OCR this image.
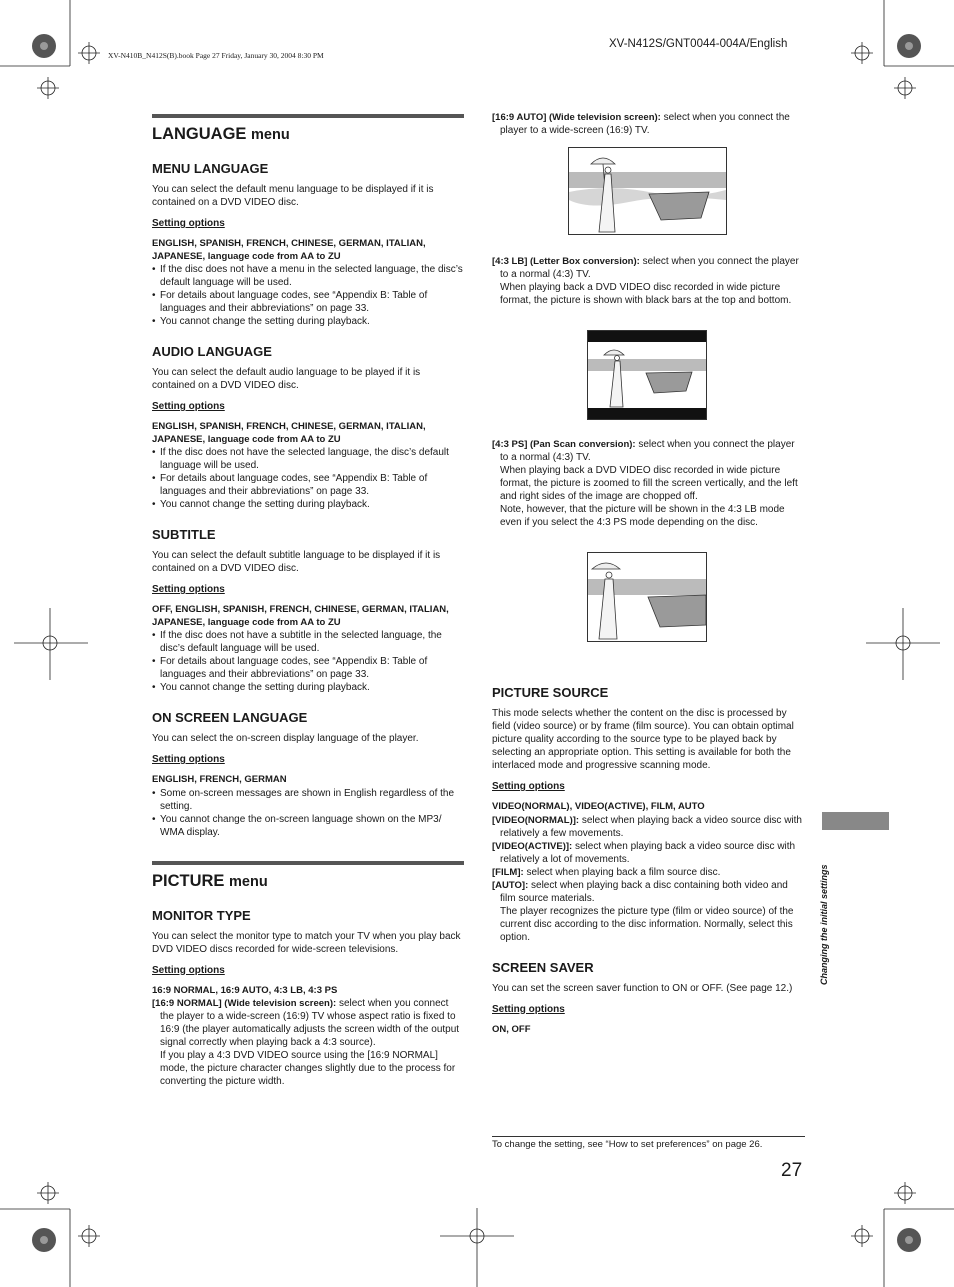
XV-N410B_N412S(B).book Page 27 Friday, January 30, 2004 8:30 PM
XV-N412S/GNT0044-004A/English
LANGUAGE menu
MENU LANGUAGE

You can select the default menu language to be displayed if it is contained on a DVD VIDEO disc.

Setting options
ENGLISH, SPANISH, FRENCH, CHINESE, GERMAN, ITALIAN, JAPANESE, language code from AA to ZU
• If the disc does not have a menu in the selected language, the disc’s default language will be used.
• For details about language codes, see “Appendix B: Table of languages and their abbreviations” on page 33.
• You cannot change the setting during playback.
AUDIO LANGUAGE

You can select the default audio language to be played if it is contained on a DVD VIDEO disc.

Setting options
ENGLISH, SPANISH, FRENCH, CHINESE, GERMAN, ITALIAN, JAPANESE, language code from AA to ZU
• If the disc does not have the selected language, the disc’s default language will be used.
• For details about language codes, see “Appendix B: Table of languages and their abbreviations” on page 33.
• You cannot change the setting during playback.
SUBTITLE

You can select the default subtitle language to be displayed if it is contained on a DVD VIDEO disc.

Setting options
OFF, ENGLISH, SPANISH, FRENCH, CHINESE, GERMAN, ITALIAN, JAPANESE, language code from AA to ZU
• If the disc does not have a subtitle in the selected language, the disc’s default language will be used.
• For details about language codes, see “Appendix B: Table of languages and their abbreviations” on page 33.
• You cannot change the setting during playback.
ON SCREEN LANGUAGE

You can select the on-screen display language of the player.

Setting options
ENGLISH, FRENCH, GERMAN
• Some on-screen messages are shown in English regardless of the setting.
• You cannot change the on-screen language shown on the MP3/ WMA display.
PICTURE menu
MONITOR TYPE

You can select the monitor type to match your TV when you play back DVD VIDEO discs recorded for wide-screen televisions.

Setting options
16:9 NORMAL, 16:9 AUTO, 4:3 LB, 4:3 PS
[16:9 NORMAL] (Wide television screen): select when you connect the player to a wide-screen (16:9) TV whose aspect ratio is fixed to 16:9 (the player automatically adjusts the screen width of the output signal correctly when playing back a 4:3 source).
If you play a 4:3 DVD VIDEO source using the [16:9 NORMAL] mode, the picture character changes slightly due to the process for converting the picture width.
[16:9 AUTO] (Wide television screen): select when you connect the player to a wide-screen (16:9) TV.
[4:3 LB] (Letter Box conversion): select when you connect the player to a normal (4:3) TV.
When playing back a DVD VIDEO disc recorded in wide picture format, the picture is shown with black bars at the top and bottom.
[4:3 PS] (Pan Scan conversion): select when you connect the player to a normal (4:3) TV.
When playing back a DVD VIDEO disc recorded in wide picture format, the picture is zoomed to fill the screen vertically, and the left and right sides of the image are chopped off.
Note, however, that the picture will be shown in the 4:3 LB mode even if you select the 4:3 PS mode depending on the disc.
PICTURE SOURCE

This mode selects whether the content on the disc is processed by field (video source) or by frame (film source). You can obtain optimal picture quality according to the source type to be played back by selecting an appropriate option. This setting is available for both the interlaced mode and progressive scanning mode.

Setting options
VIDEO(NORMAL), VIDEO(ACTIVE), FILM, AUTO
[VIDEO(NORMAL)]: select when playing back a video source disc with relatively a few movements.
[VIDEO(ACTIVE)]: select when playing back a video source disc with relatively a lot of movements.
[FILM]: select when playing back a film source disc.
[AUTO]: select when playing back a disc containing both video and film source materials.
The player recognizes the picture type (film or video source) of the current disc according to the disc information. Normally, select this option.
SCREEN SAVER

You can set the screen saver function to ON or OFF. (See page 12.)

Setting options
ON, OFF
Changing the initial settings
To change the setting, see “How to set preferences” on page 26.
27
